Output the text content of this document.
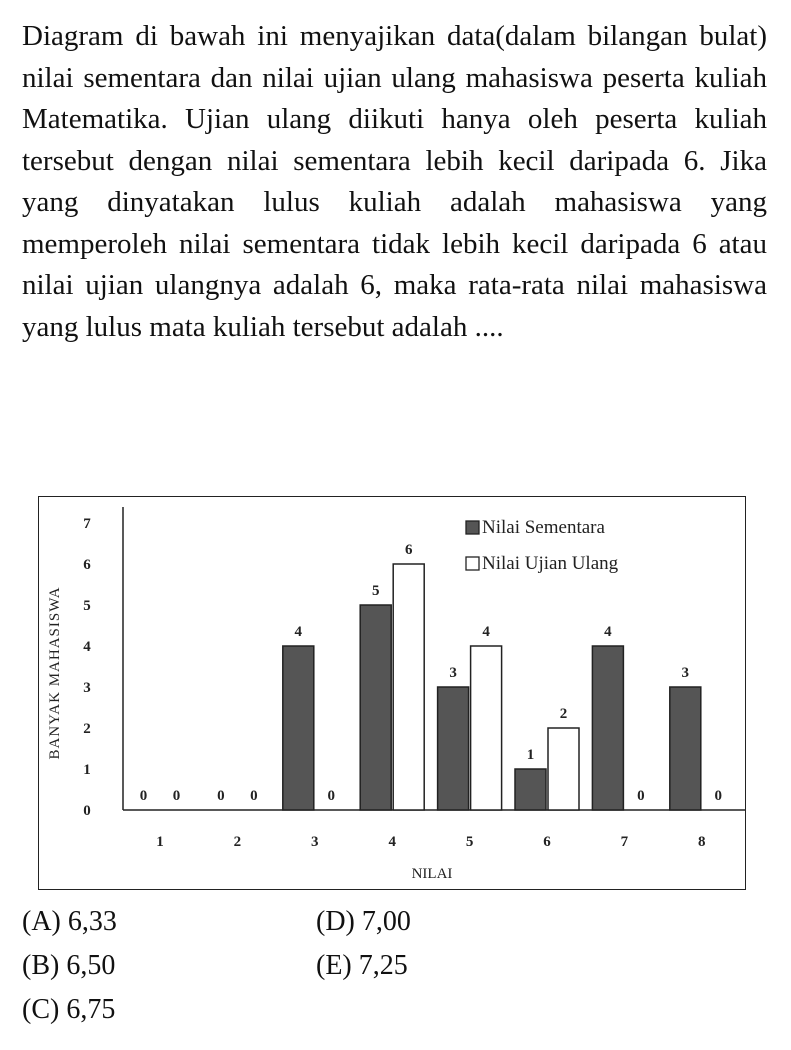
Diagram di bawah ini menyajikan data(dalam bilangan bulat) nilai sementara dan nilai ujian ulang mahasiswa peserta kuliah Matematika. Ujian ulang diikuti hanya oleh peserta kuliah tersebut dengan nilai sementara lebih kecil daripada 6. Jika yang dinyatakan lulus kuliah adalah mahasiswa yang memperoleh nilai sementara tidak lebih kecil daripada 6 atau nilai ujian ulangnya adalah 6, maka rata-rata nilai mahasiswa yang lulus mata kuliah tersebut adalah ....

0
1
2
3
4
5
6
7
BANYAK MAHASISWA
0 0
1
0 0
2
4
0
3
5
6
4
3
4
5
1
2
6
4
0
7
3
0
8
NILAI
Nilai Sementara
Nilai Ujian Ulang
(A) 6,33
(B) 6,50
(C) 6,75
(D) 7,00
(E) 7,25
